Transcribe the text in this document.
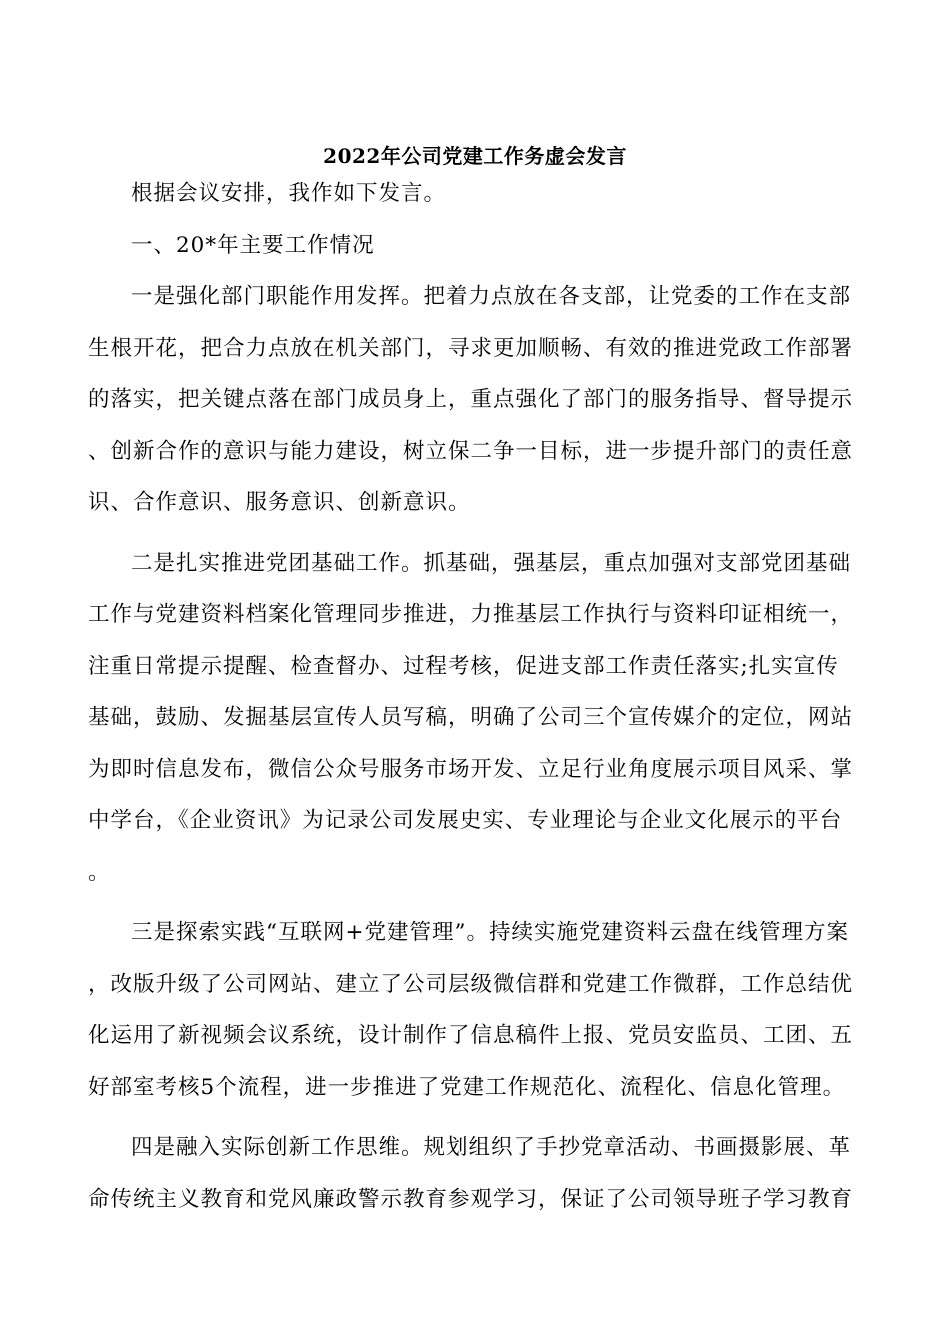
2022年公司党建工作务虚会发言

根据会议安排，我作如下发言。

一、20*年主要工作情况

一是强化部门职能作用发挥。把着力点放在各支部，让党委的工作在支部生根开花，把合力点放在机关部门，寻求更加顺畅、有效的推进党政工作部署的落实，把关键点落在部门成员身上，重点强化了部门的服务指导、督导提示、创新合作的意识与能力建设，树立保二争一目标，进一步提升部门的责任意识、合作意识、服务意识、创新意识。

二是扎实推进党团基础工作。抓基础，强基层，重点加强对支部党团基础工作与党建资料档案化管理同步推进，力推基层工作执行与资料印证相统一，注重日常提示提醒、检查督办、过程考核，促进支部工作责任落实;扎实宣传基础，鼓励、发掘基层宣传人员写稿，明确了公司三个宣传媒介的定位，网站为即时信息发布，微信公众号服务市场开发、立足行业角度展示项目风采、掌中学台，《企业资讯》为记录公司发展史实、专业理论与企业文化展示的平台。

三是探索实践“互联网+党建管理”。持续实施党建资料云盘在线管理方案，改版升级了公司网站、建立了公司层级微信群和党建工作微群，工作总结优化运用了新视频会议系统，设计制作了信息稿件上报、党员安监员、工团、五好部室考核5个流程，进一步推进了党建工作规范化、流程化、信息化管理。

四是融入实际创新工作思维。规划组织了手抄党章活动、书画摄影展、革命传统主义教育和党风廉政警示教育参观学习，保证了公司领导班子学习教育
